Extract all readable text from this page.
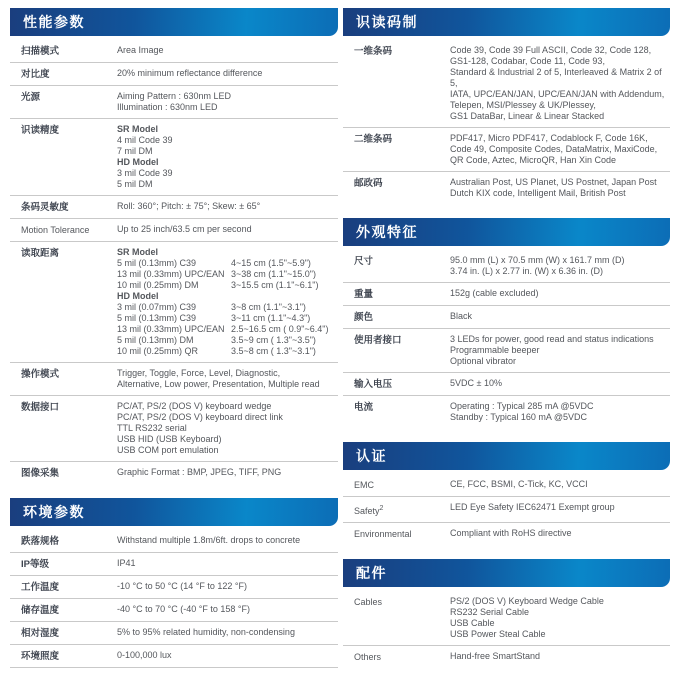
性能参数
扫描模式	Area Image
对比度	20% minimum reflectance difference
光源	Aiming Pattern : 630nm LED
Illumination : 630nm LED
识读精度	SR Model
4 mil Code 39
7 mil DM
HD Model
3 mil Code 39
5 mil DM
条码灵敏度	Roll: 360°; Pitch: ± 75°; Skew: ± 65°
Motion Tolerance	Up to 25 inch/63.5 cm per second
读取距离	SR Model
5 mil (0.13mm) C39	4~15 cm (1.5"~5.9")
13 mil (0.33mm) UPC/EAN 3~38 cm (1.1"~15.0")
10 mil (0.25mm) DM	3~15.5 cm (1.1"~6.1")
HD Model
3 mil (0.07mm) C39	3~8 cm (1.1"~3.1")
5 mil (0.13mm) C39	3~11 cm (1.1"~4.3")
13 mil (0.33mm) UPC/EAN 2.5~16.5 cm ( 0.9"~6.4")
5 mil (0.13mm) DM	3.5~9 cm ( 1.3"~3.5")
10 mil (0.25mm) QR	3.5~8 cm ( 1.3"~3.1")
操作模式	Trigger, Toggle, Force, Level, Diagnostic,
Alternative, Low power, Presentation, Multiple read
数据接口	PC/AT, PS/2 (DOS V) keyboard wedge
PC/AT, PS/2 (DOS V) keyboard direct link
TTL RS232 serial
USB HID (USB Keyboard)
USB COM port emulation
图像采集	Graphic Format : BMP, JPEG, TIFF, PNG
环境参数
跌落规格	Withstand multiple 1.8m/6ft. drops to concrete
IP等级	IP41
工作温度	-10 °C to 50 °C (14 °F to 122 °F)
储存温度	-40 °C to 70 °C (-40 °F to 158 °F)
相对湿度	5% to 95% related humidity, non-condensing
环境照度	0-100,000 lux
识读码制
一维条码	Code 39, Code 39 Full ASCII, Code 32, Code 128,
GS1-128, Codabar, Code 11, Code 93,
Standard & Industrial 2 of 5, Interleaved & Matrix 2 of 5,
IATA, UPC/EAN/JAN, UPC/EAN/JAN with Addendum,
Telepen, MSI/Plessey & UK/Plessey,
GS1 DataBar, Linear & Linear Stacked
二维条码	PDF417, Micro PDF417, Codablock F, Code 16K,
Code 49, Composite Codes, DataMatrix, MaxiCode,
QR Code, Aztec, MicroQR, Han Xin Code
邮政码	Australian Post, US Planet, US Postnet, Japan Post
Dutch KIX code, Intelligent Mail, British Post
外观特征
尺寸	95.0 mm (L) x 70.5 mm (W) x 161.7 mm (D)
3.74 in. (L) x 2.77 in. (W) x 6.36 in. (D)
重量	152g (cable excluded)
颜色	Black
使用者接口	3 LEDs for power, good read and status indications
Programmable beeper
Optional vibrator
输入电压	5VDC ± 10%
电流	Operating : Typical 285 mA @5VDC
Standby : Typical 160 mA @5VDC
认证
EMC	CE, FCC, BSMI, C-Tick, KC, VCCI
Safety$^2$	LED Eye Safety IEC62471 Exempt group
Environmental	Compliant with RoHS directive
配件
Cables	PS/2 (DOS V) Keyboard Wedge Cable
RS232 Serial Cable
USB Cable
USB Power Steal Cable
Others	Hand-free SmartStand
